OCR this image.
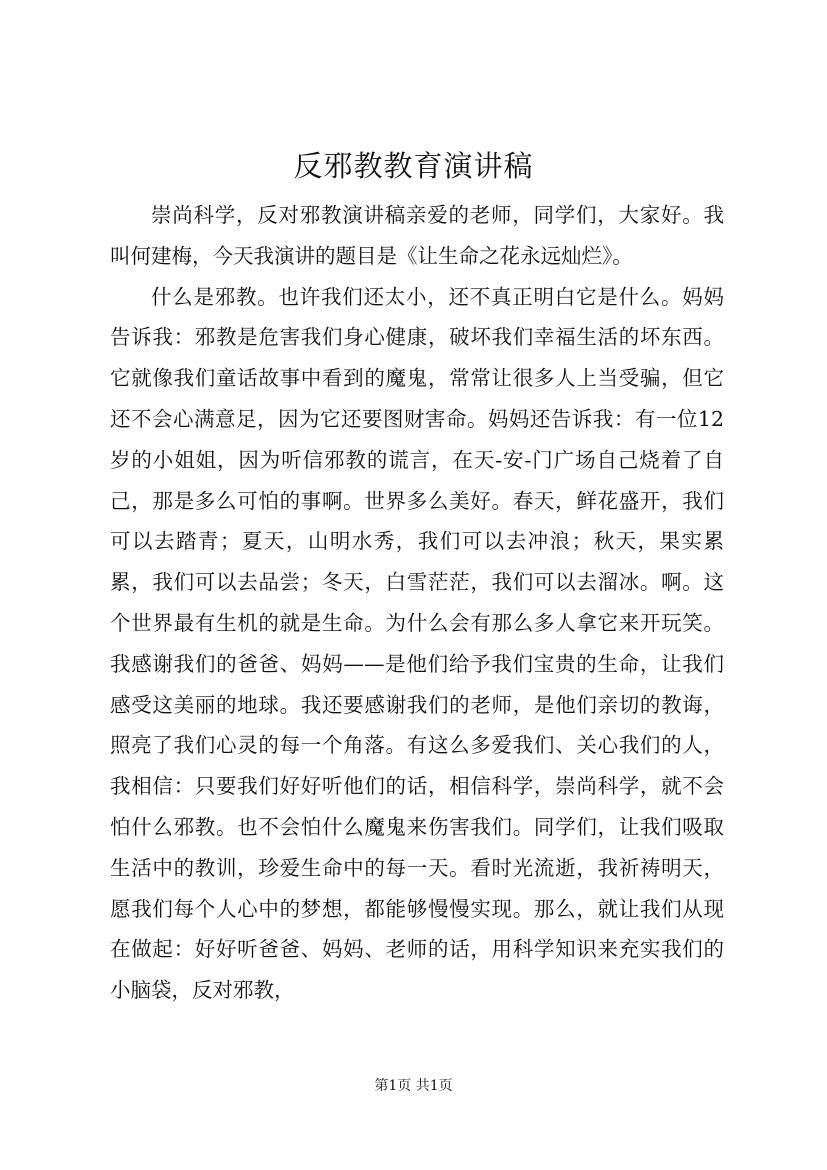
反邪教教育演讲稿

崇尚科学，反对邪教演讲稿亲爱的老师，同学们，大家好。我叫何建梅，今天我演讲的题目是《让生命之花永远灿烂》。

什么是邪教。也许我们还太小，还不真正明白它是什么。妈妈告诉我：邪教是危害我们身心健康，破坏我们幸福生活的坏东西。它就像我们童话故事中看到的魔鬼，常常让很多人上当受骗，但它还不会心满意足，因为它还要图财害命。妈妈还告诉我：有一位12岁的小姐姐，因为听信邪教的谎言，在天-安-门广场自己烧着了自己，那是多么可怕的事啊。世界多么美好。春天，鲜花盛开，我们可以去踏青；夏天，山明水秀，我们可以去冲浪；秋天，果实累累，我们可以去品尝；冬天，白雪茫茫，我们可以去溜冰。啊。这个世界最有生机的就是生命。为什么会有那么多人拿它来开玩笑。我感谢我们的爸爸、妈妈——是他们给予我们宝贵的生命，让我们感受这美丽的地球。我还要感谢我们的老师，是他们亲切的教诲，照亮了我们心灵的每一个角落。有这么多爱我们、关心我们的人，我相信：只要我们好好听他们的话，相信科学，崇尚科学，就不会怕什么邪教。也不会怕什么魔鬼来伤害我们。同学们，让我们吸取生活中的教训，珍爱生命中的每一天。看时光流逝，我祈祷明天，愿我们每个人心中的梦想，都能够慢慢实现。那么，就让我们从现在做起：好好听爸爸、妈妈、老师的话，用科学知识来充实我们的小脑袋，反对邪教，

第1页 共1页
